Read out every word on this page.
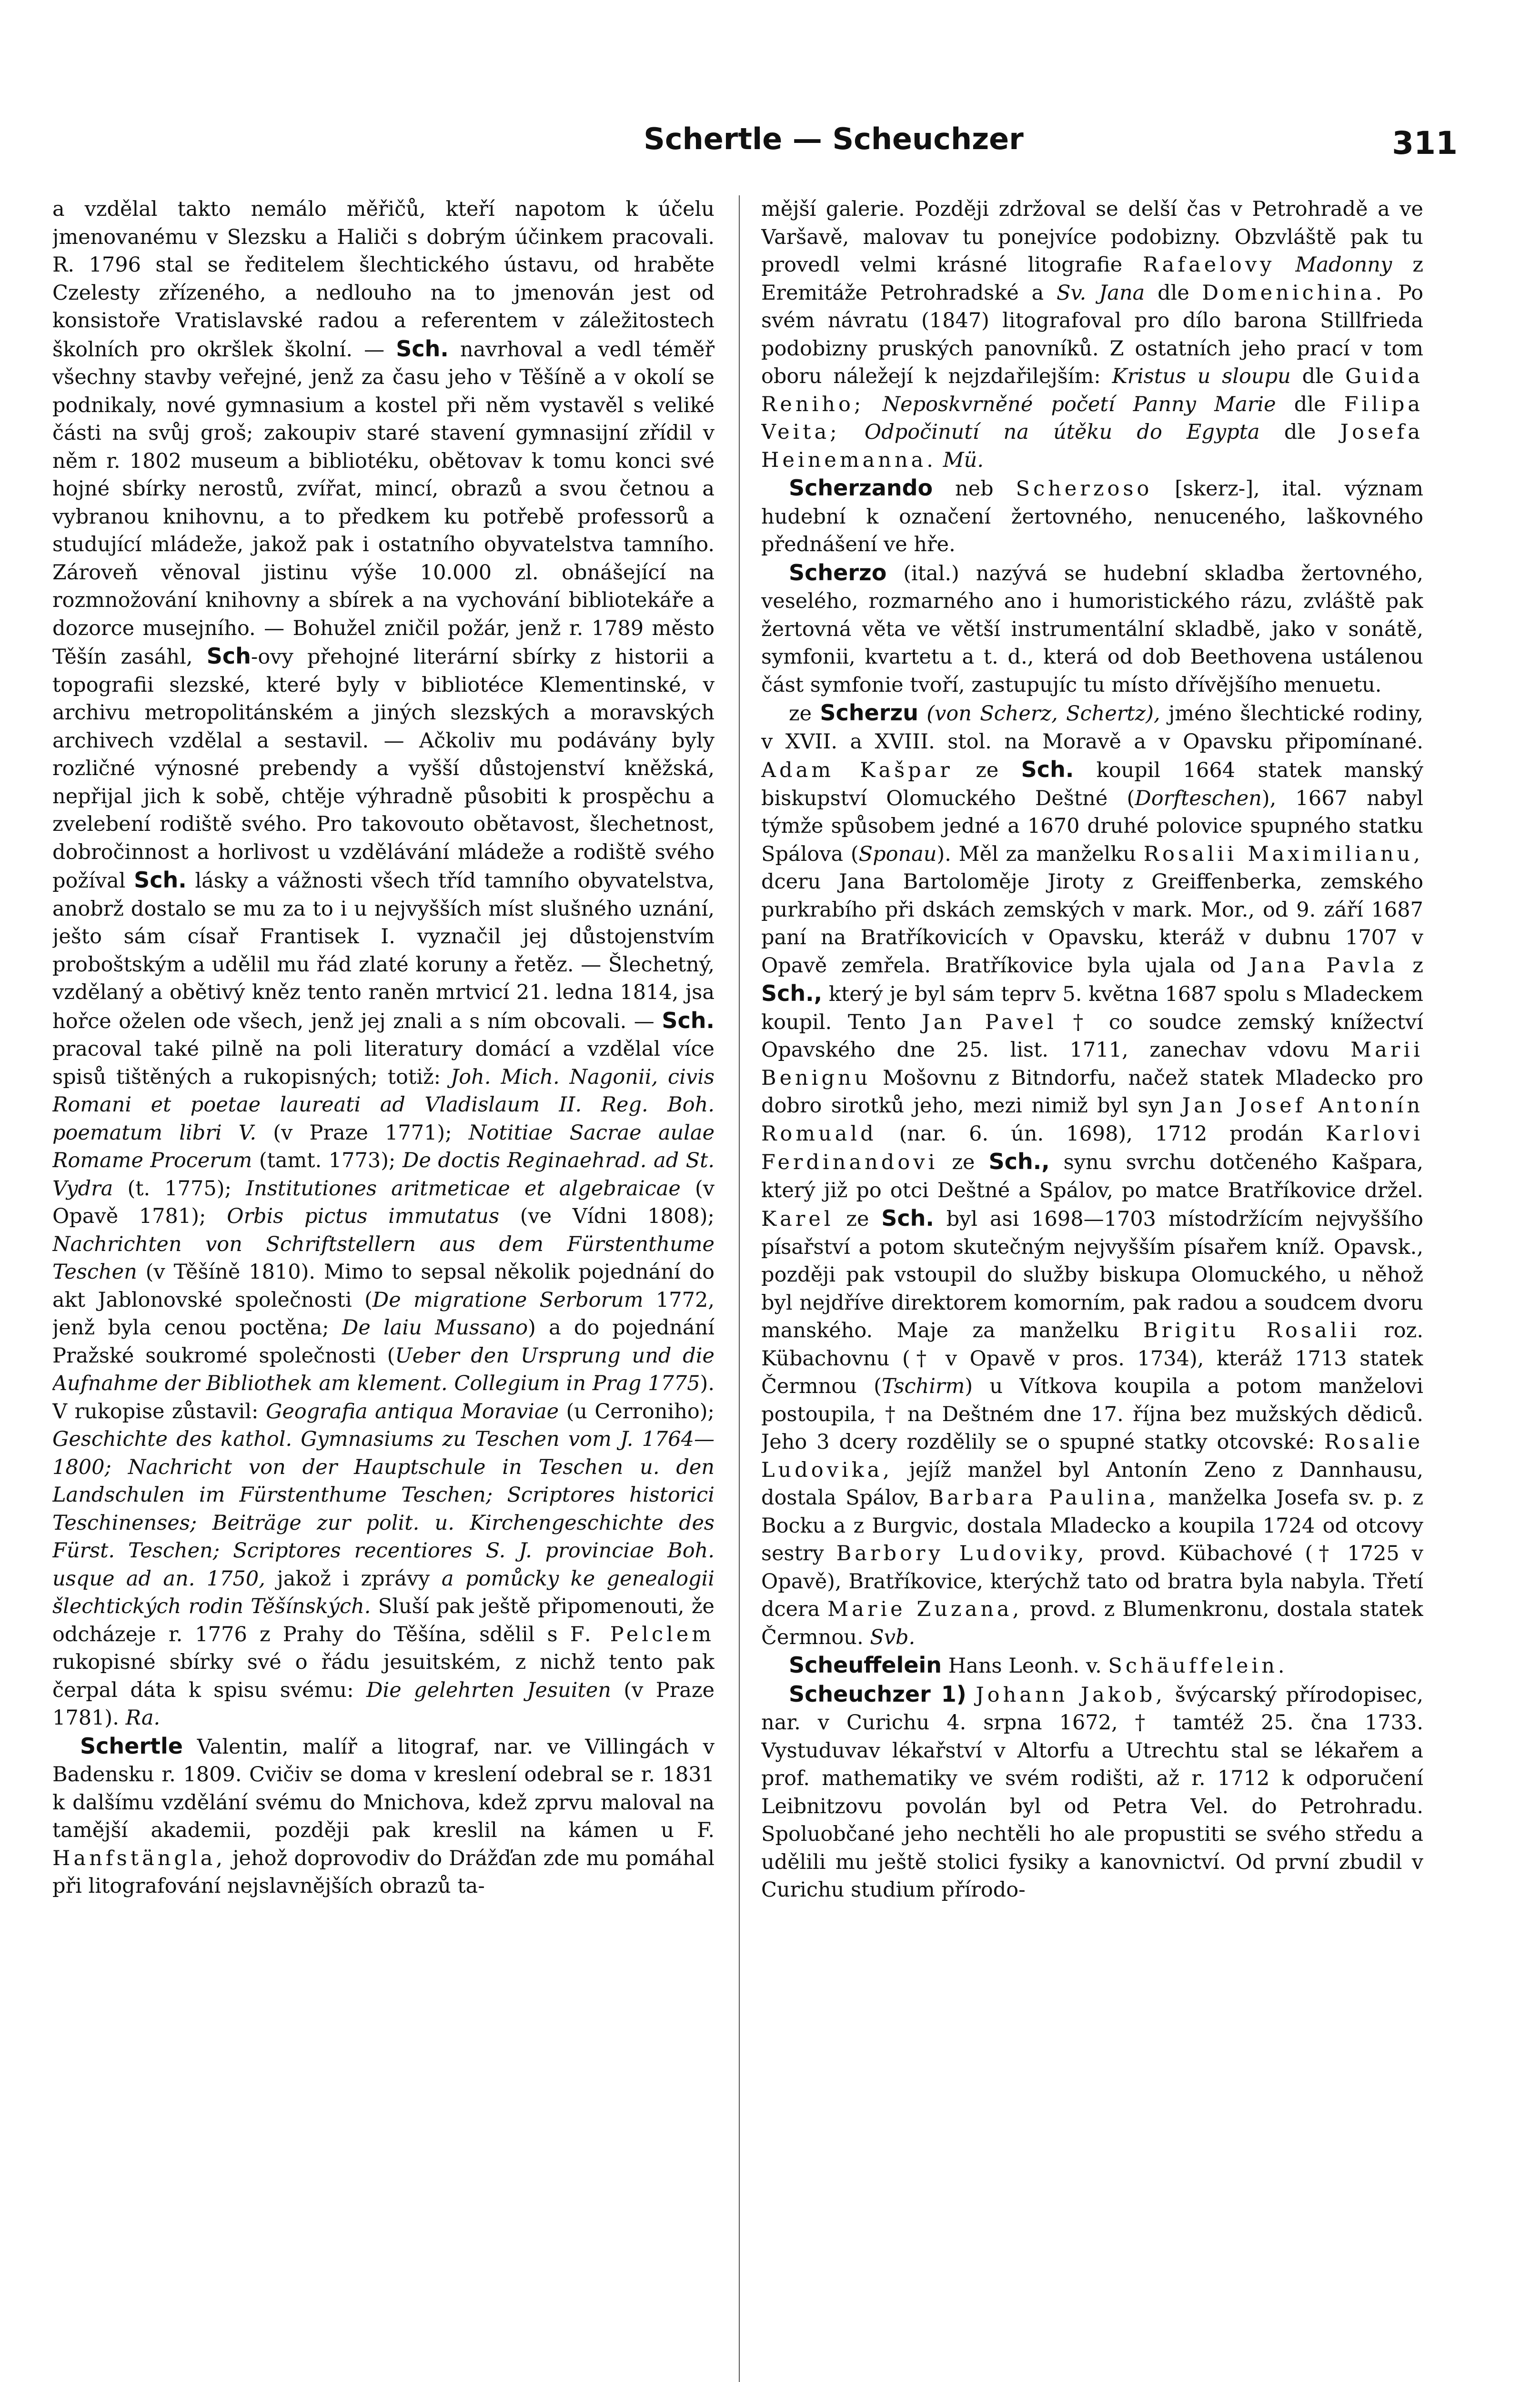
Schertle — Scheuchzer	311

a vzdělal takto nemálo měřičů, kteří napotom k účelu jmenovanému v Slezsku a Haliči s dobrým účinkem pracovali. R. 1796 stal se ředitelem šlechtického ústavu, od hraběte Czelesty zřízeného, a nedlouho na to jmenován jest od konsistoře Vratislavské radou a referentem v záležitostech školních pro okršlek školní. — Sch. navrhoval a vedl téměř všechny stavby veřejné, jenž za času jeho v Těšíně a v okolí se podnikaly, nové gymnasium a kostel při něm vystavěl s veliké části na svůj groš; zakoupiv staré stavení gymnasijní zřídil v něm r. 1802 museum a bibliotéku, obětovav k tomu konci své hojné sbírky nerostů, zvířat, mincí, obrazů a svou četnou a vybranou knihovnu, a to předkem ku potřebě professorů a studující mládeže, jakož pak i ostatního obyvatelstva tamního. Zároveň věnoval jistinu výše 10.000 zl. obnášející na rozmnožování knihovny a sbírek a na vychování bibliotekáře a dozorce musejního. — Bohužel zničil požár, jenž r. 1789 město Těšín zasáhl, Sch-ovy přehojné literární sbírky z historii a topografii slezské, které byly v bibliotéce Klementinské, v archivu metropolitánském a jiných slezských a moravských archivech vzdělal a sestavil. — Ačkoliv mu podávány byly rozličné výnosné prebendy a vyšší důstojenství kněžská, nepřijal jich k sobě, chtěje výhradně působiti k prospěchu a zvelebení rodiště svého. Pro takovouto obětavost, šlechetnost, dobročinnost a horlivost u vzdělávání mládeže a rodiště svého požíval Sch. lásky a vážnosti všech tříd tamního obyvatelstva, anobrž dostalo se mu za to i u nejvyšších míst slušného uznání, ješto sám císař Frantisek I. vyznačil jej důstojenstvím proboštským a udělil mu řád zlaté koruny a řetěz. — Šlechetný, vzdělaný a obětivý kněz tento raněn mrtvicí 21. ledna 1814, jsa hořce oželen ode všech, jenž jej znali a s ním obcovali. — Sch. pracoval také pilně na poli literatury domácí a vzdělal více spisů tištěných a rukopisných; totiž: Joh. Mich. Nagonii, civis Romani et poetae laureati ad Vladislaum II. Reg. Boh. poematum libri V. (v Praze 1771); Notitiae Sacrae aulae Romame Procerum (tamt. 1773); De doctis Reginaehrad. ad St. Vydra (t. 1775); Institutiones aritmeticae et algebraicae (v Opavě 1781); Orbis pictus immutatus (ve Vídni 1808); Nachrichten von Schriftstellern aus dem Fürstenthume Teschen (v Těšíně 1810). Mimo to sepsal několik pojednání do akt Jablonovské společnosti (De migratione Serborum 1772, jenž byla cenou poctěna; De laiu Mussano) a do pojednání Pražské soukromé společnosti (Ueber den Ursprung und die Aufnahme der Bibliothek am klement. Collegium in Prag 1775). V rukopise zůstavil: Geografia antiqua Moraviae (u Cerroniho); Geschichte des kathol. Gymnasiums zu Teschen vom J. 1764—1800; Nachricht von der Hauptschule in Teschen u. den Landschulen im Fürstenthume Teschen; Scriptores historici Teschinenses; Beiträge zur polit. u. Kirchengeschichte des Fürst. Teschen; Scriptores recentiores S. J. provinciae Boh. usque ad an. 1750, jakož i zprávy a pomůcky ke genealogii šlechtických rodin Těšínských. Sluší pak ještě připomenouti, že odcházeje r. 1776 z Prahy do Těšína, sdělil s F. Pelclem rukopisné sbírky své o řádu jesuitském, z nichž tento pak čerpal dáta k spisu svému: Die gelehrten Jesuiten (v Praze 1781). Ra.

Schertle Valentin, malíř a litograf, nar. ve Villingách v Badensku r. 1809. Cvičiv se doma v kreslení odebral se r. 1831 k dalšímu vzdělání svému do Mnichova, kdež zprvu maloval na tamější akademii, později pak kreslil na kámen u F. Hanfstängla, jehož doprovodiv do Drážďan zde mu pomáhal při litografování nejslavnějších obrazů ta-

mější galerie. Později zdržoval se delší čas v Petrohradě a ve Varšavě, malovav tu ponejvíce podobizny. Obzvláště pak tu provedl velmi krásné litografie Rafaelovy Madonny z Eremitáže Petrohradské a Sv. Jana dle Domenichina. Po svém návratu (1847) litografoval pro dílo barona Stillfrieda podobizny pruských panovníků. Z ostatních jeho prací v tom oboru náležejí k nejzdařilejším: Kristus u sloupu dle Guida Reniho; Neposkvrněné početí Panny Marie dle Filipa Veita; Odpočinutí na útěku do Egypta dle Josefa Heinemanna. Mü.

Scherzando neb Scherzoso [skerz-], ital. význam hudební k označení žertovného, nenuceného, laškovného přednášení ve hře.

Scherzo (ital.) nazývá se hudební skladba žertovného, veselého, rozmarného ano i humoristického rázu, zvláště pak žertovná věta ve větší instrumentální skladbě, jako v sonátě, symfonii, kvartetu a t. d., která od dob Beethovena ustálenou část symfonie tvoří, zastupujíc tu místo dřívějšího menuetu.

ze Scherzu (von Scherz, Schertz), jméno šlechtické rodiny, v XVII. a XVIII. stol. na Moravě a v Opavsku připomínané. Adam Kašpar ze Sch. koupil 1664 statek manský biskupství Olomuckého Deštné (Dorfteschen), 1667 nabyl týmže spůsobem jedné a 1670 druhé polovice spupného statku Spálova (Sponau). Měl za manželku Rosalii Maximilianu, dceru Jana Bartoloměje Jiroty z Greiffenberka, zemského purkrabího při dskách zemských v mark. Mor., od 9. září 1687 paní na Bratříkovicích v Opavsku, kteráž v dubnu 1707 v Opavě zemřela. Bratříkovice byla ujala od Jana Pavla z Sch., který je byl sám teprv 5. května 1687 spolu s Mladeckem koupil. Tento Jan Pavel † co soudce zemský knížectví Opavského dne 25. list. 1711, zanechav vdovu Marii Benignu Mošovnu z Bitndorfu, načež statek Mladecko pro dobro sirotků jeho, mezi nimiž byl syn Jan Josef Antonín Romuald (nar. 6. ún. 1698), 1712 prodán Karlovi Ferdinandovi ze Sch., synu svrchu dotčeného Kašpara, který již po otci Deštné a Spálov, po matce Bratříkovice držel. Karel ze Sch. byl asi 1698—1703 místodržícím nejvyššího písařství a potom skutečným nejvyšším písařem kníž. Opavsk., později pak vstoupil do služby biskupa Olomuckého, u něhož byl nejdříve direktorem komorním, pak radou a soudcem dvoru manského. Maje za manželku Brigitu Rosalii roz. Kübachovnu († v Opavě v pros. 1734), kteráž 1713 statek Čermnou (Tschirm) u Vítkova koupila a potom manželovi postoupila, † na Deštném dne 17. října bez mužských dědiců. Jeho 3 dcery rozdělily se o spupné statky otcovské: Rosalie Ludovika, jejíž manžel byl Antonín Zeno z Dannhausu, dostala Spálov, Barbara Paulina, manželka Josefa sv. p. z Bocku a z Burgvic, dostala Mladecko a koupila 1724 od otcovy sestry Barbory Ludoviky, provd. Kübachové († 1725 v Opavě), Bratříkovice, kterýchž tato od bratra byla nabyla. Třetí dcera Marie Zuzana, provd. z Blumenkronu, dostala statek Čermnou. Svb.

Scheuffelein Hans Leonh. v. Schäuffelein.

Scheuchzer 1) Johann Jakob, švýcarský přírodopisec, nar. v Curichu 4. srpna 1672, † tamtéž 25. čna 1733. Vystuduvav lékařství v Altorfu a Utrechtu stal se lékařem a prof. mathematiky ve svém rodišti, až r. 1712 k odporučení Leibnitzovu povolán byl od Petra Vel. do Petrohradu. Spoluobčané jeho nechtěli ho ale propustiti se svého středu a udělili mu ještě stolici fysiky a kanovnictví. Od první zbudil v Curichu studium přírodo-
